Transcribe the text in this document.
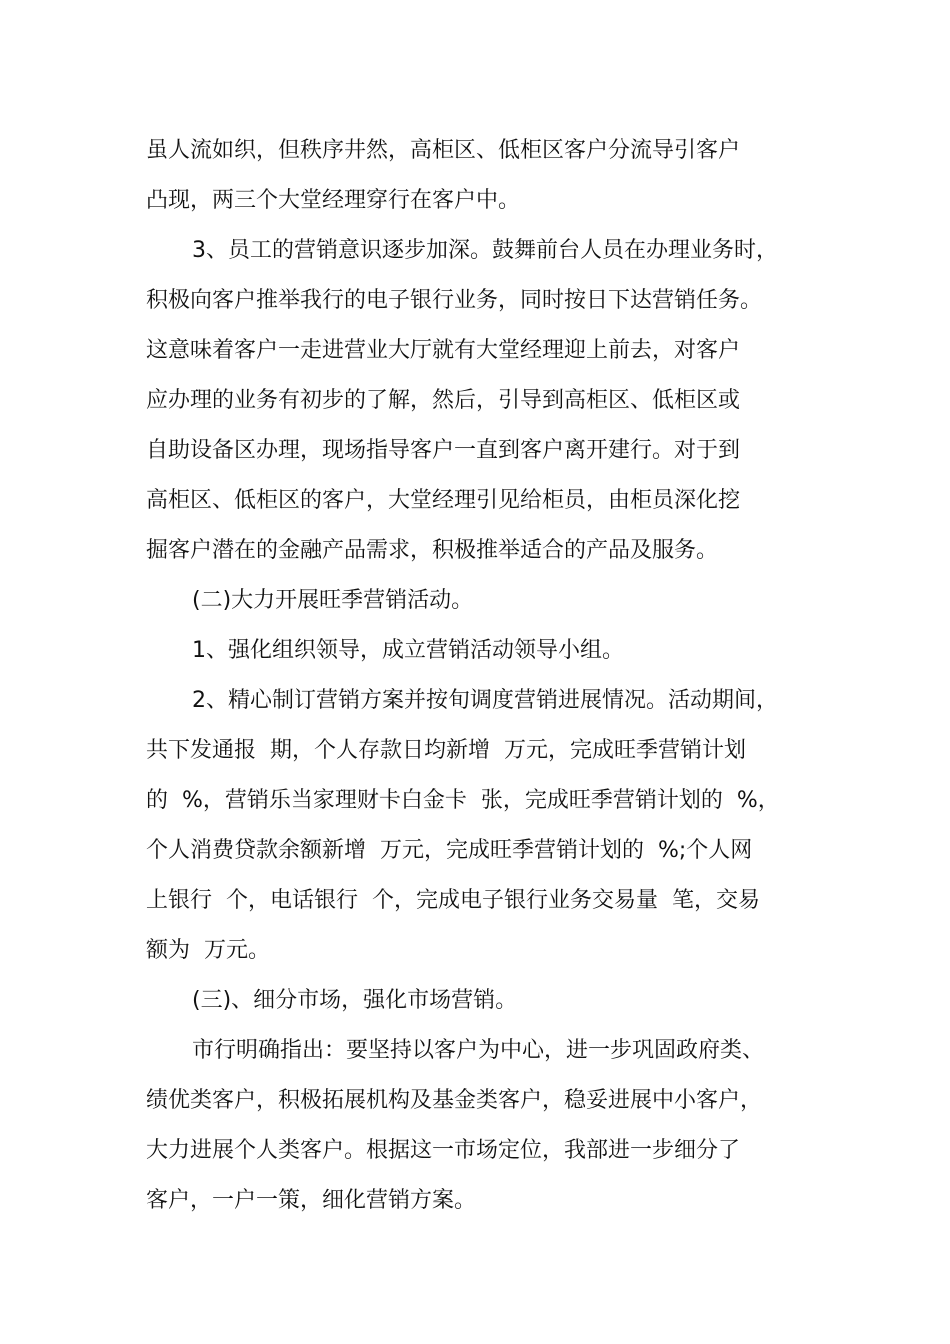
虽人流如织，但秩序井然，高柜区、低柜区客户分流导引客户
凸现，两三个大堂经理穿行在客户中。
3、员工的营销意识逐步加深。鼓舞前台人员在办理业务时，
积极向客户推举我行的电子银行业务，同时按日下达营销任务。
这意味着客户一走进营业大厅就有大堂经理迎上前去，对客户
应办理的业务有初步的了解，然后，引导到高柜区、低柜区或
自助设备区办理，现场指导客户一直到客户离开建行。对于到
高柜区、低柜区的客户，大堂经理引见给柜员，由柜员深化挖
掘客户潜在的金融产品需求，积极推举适合的产品及服务。
(二)大力开展旺季营销活动。
1、强化组织领导，成立营销活动领导小组。
2、精心制订营销方案并按旬调度营销进展情况。活动期间，
共下发通报  期，个人存款日均新增  万元，完成旺季营销计划
的  %，营销乐当家理财卡白金卡  张，完成旺季营销计划的  %，
个人消费贷款余额新增  万元，完成旺季营销计划的  %;个人网
上银行  个，电话银行  个，完成电子银行业务交易量  笔，交易
额为  万元。
(三)、细分市场，强化市场营销。
市行明确指出：要坚持以客户为中心，进一步巩固政府类、
绩优类客户，积极拓展机构及基金类客户，稳妥进展中小客户，
大力进展个人类客户。根据这一市场定位，我部进一步细分了
客户，一户一策，细化营销方案。
